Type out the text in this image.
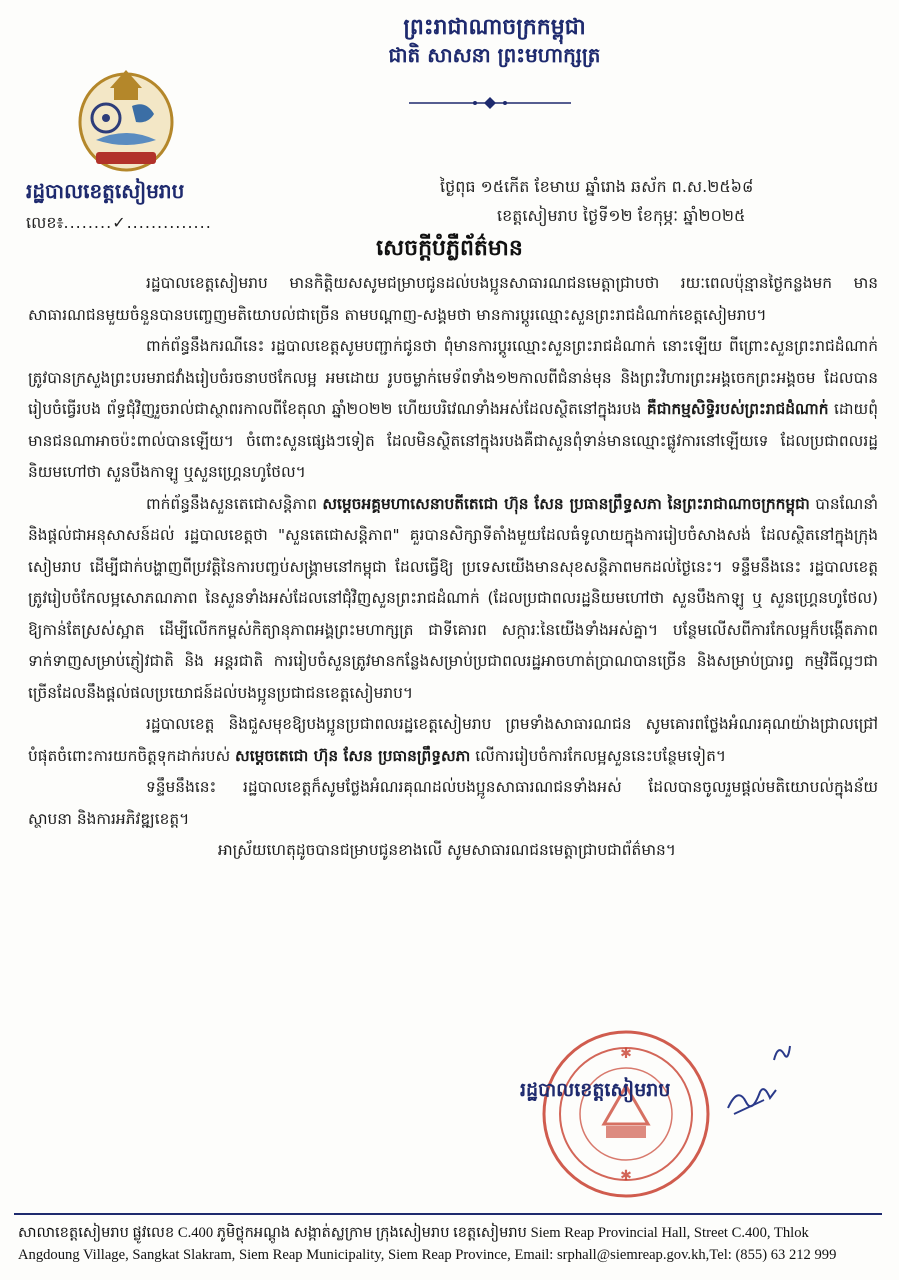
ព្រះរាជាណាចក្រកម្ពុជា
ជាតិ សាសនា ព្រះមហាក្សត្រ
រដ្ឋបាលខេត្តសៀមរាប
លេខ៖........✓..............
ថ្ងៃពុធ ១៥កើត ខែមាឃ ឆ្នាំរោង ឆស័ក ព.ស.២៥៦៨
ខេត្តសៀមរាប ថ្ងៃទី១២ ខែកុម្ភៈ ឆ្នាំ២០២៥
សេចក្តីបំភ្លឺព័ត៌មាន

រដ្ឋបាលខេត្តសៀមរាប មានកិត្តិយសសូមជម្រាបជូនដល់បងប្អូនសាធារណជនមេត្តាជ្រាបថា រយៈពេលប៉ុន្មានថ្ងៃកន្លងមក មានសាធារណជនមួយចំនួនបានបញ្ចេញមតិយោបល់ជាច្រើន តាមបណ្តាញ-សង្គមថា មានការប្តូរឈ្មោះសួនព្រះរាជដំណាក់ខេត្តសៀមរាប។

ពាក់ព័ន្ធនឹងករណីនេះ រដ្ឋបាលខេត្តសូមបញ្ជាក់ជូនថា ពុំមានការប្តូរឈ្មោះសួនព្រះរាជដំណាក់ នោះឡើយ ពីព្រោះសួនព្រះរាជដំណាក់ ត្រូវបានក្រសួងព្រះបរមរាជវាំងរៀបចំរចនាបថកែលម្អ អមដោយ រូបចម្លាក់មេទ័ពទាំង១២កាលពីជំនាន់មុន និងព្រះវិហារព្រះអង្គចេក​ព្រះអង្គចម ដែលបានរៀបចំធ្វើរបង ព័ទ្ធជុំវិញរួចរាល់ជាស្ថាពរកាលពីខែតុលា ឆ្នាំ២០២២ ហើយបរិវេណទាំងអស់ដែលស្ថិតនៅក្នុងរបង គឺជាកម្មសិទ្ធិរបស់ព្រះរាជដំណាក់ ដោយពុំមានជនណាអាចប៉ះពាល់បានឡើយ។ ចំពោះសួនផ្សេងៗទៀត ដែលមិនស្ថិតនៅក្នុងរបងគឺជាសួនពុំទាន់មានឈ្មោះផ្លូវការនៅឡើយទេ ដែលប្រជាពលរដ្ឋនិយមហៅថា សួនបឹងកាឡូ ឬសួនហ្រ្គេនហូថែល។

ពាក់ព័ន្ធនឹងសួនតេជោសន្តិភាព សម្តេចអគ្គមហាសេនាបតីតេជោ ហ៊ុន សែន ប្រធានព្រឹទ្ធសភា នៃព្រះរាជាណាចក្រកម្ពុជា បានណែនាំ និងផ្តល់ជាអនុសាសន៍ដល់ រដ្ឋបាលខេត្តថា "សួនតេជោសន្តិភាព" គួរបានសិក្សាទីតាំងមួយដែលធំទូលាយក្នុងការរៀបចំសាងសង់ ដែលស្ថិតនៅក្នុងក្រុងសៀមរាប ដើម្បីជាក់បង្ហាញពីប្រវត្តិនៃការបញ្ចប់សង្គ្រាមនៅកម្ពុជា ដែលធ្វើឱ្យ ប្រទេសយើងមានសុខសន្តិភាពមកដល់ថ្ងៃនេះ។ ទន្ទឹមនឹងនេះ រដ្ឋបាលខេត្តត្រូវរៀបចំកែលម្អសោភណភាព នៃសួនទាំងអស់ដែលនៅជុំវិញសួនព្រះរាជដំណាក់ (ដែលប្រជាពលរដ្ឋនិយមហៅថា សួនបឹងកាឡូ ឬ សួនហ្រ្គេនហូថែល) ឱ្យកាន់តែស្រស់ស្អាត ដើម្បីលើកកម្ពស់កិត្យានុភាពអង្គព្រះមហាក្សត្រ ជាទីគោរព សក្ការៈនៃយើងទាំងអស់គ្នា។ បន្ថែមលើសពីការកែលម្អក៏បង្កើតភាពទាក់ទាញសម្រាប់ភ្ញៀវជាតិ និង អន្តរជាតិ ការរៀបចំសួនត្រូវមានកន្លែងសម្រាប់ប្រជាពលរដ្ឋអាចហាត់ប្រាណបានច្រើន និងសម្រាប់ប្រារព្ធ កម្មវិធីល្អៗជាច្រើនដែលនឹងផ្តល់ផលប្រយោជន៍ដល់បងប្អូនប្រជាជនខេត្តសៀមរាប។

រដ្ឋបាលខេត្ត និងជួសមុខឱ្យបងប្អូនប្រជាពលរដ្ឋខេត្តសៀមរាប ព្រមទាំងសាធារណជន សូមគោរពថ្លែងអំណរគុណយ៉ាងជ្រាលជ្រៅបំផុតចំពោះការយកចិត្តទុកដាក់របស់ សម្តេចតេជោ ហ៊ុន សែន ប្រធានព្រឹទ្ធសភា លើការរៀបចំការកែលម្អសួននេះបន្ថែមទៀត។

ទន្ទឹមនឹងនេះ រដ្ឋបាលខេត្តក៏សូមថ្លែងអំណរគុណដល់បងប្អូនសាធារណជនទាំងអស់ ដែលបានចូលរួមផ្តល់មតិយោបល់ក្នុងន័យស្ថាបនា និងការអភិវឌ្ឍខេត្ត។

អាស្រ័យហេតុដូចបានជម្រាបជូនខាងលើ សូមសាធារណជនមេត្តាជ្រាបជាព័ត៌មាន។

✱
✱
រដ្ឋបាលខេត្តសៀមរាប
សាលាខេត្តសៀមរាប ផ្លូវលេខ C.400 ភូមិថ្លុកអណ្តូង សង្កាត់ស្លក្រាម ក្រុងសៀមរាប ខេត្តសៀមរាប Siem Reap Provincial Hall, Street C.400, Thlok
Angdoung Village, Sangkat Slakram, Siem Reap Municipality, Siem Reap Province, Email: srphall@siemreap.gov.kh,Tel: (855) 63 212 999
